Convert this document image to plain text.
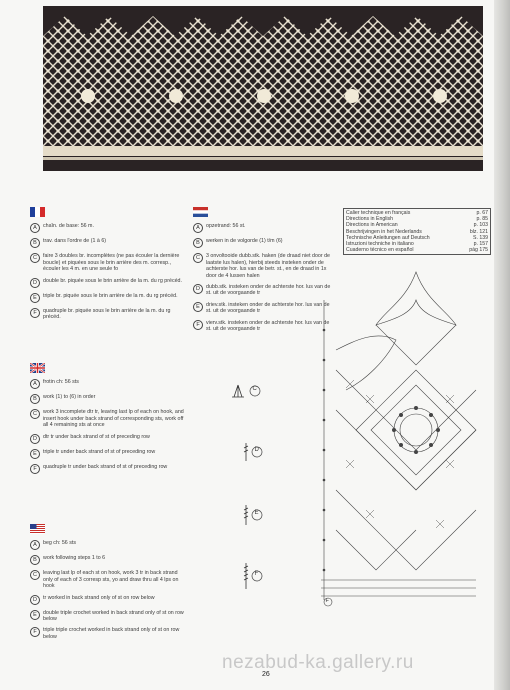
A	chaîn. de base: 56 m.
B	trav. dans l'ordre de (1 à 6)
C	faire 3 doubles br. incomplètes (ne pas écouler la dernière boucle) et piquées sous le brin arrière des m. corresp., écouler les 4 m. en une seule fo
D	double br. piquée sous le brin arrière de la m. du rg précéd.
E	triple br. piquée sous le brin arrière de la m. du rg précéd.
F	quadruple br. piquée sous le brin arrière de la m. du rg précéd.
A	frotin ch: 56 sts
B	work (1) to (6) in order
C	work 3 incomplete dtr tr, leaving last lp of each on hook, and insert hook under back strand of corresponding sts, work off all 4 remaining sts at once
D	dtr tr under back strand of st of preceding row
E	triple tr under back strand of st of preceding row
F	quadruple tr under back strand of st of preceding row
A	beg ch: 56 sts
B	work following steps 1 to 6
C	leaving last lp of each st on hook, work 3 tr in back strand only of each of 3 corresp sts, yo and draw thru all 4 lps on hook
D	tr worked in back strand only of st on row below
E	double triple crochet worked in back strand only of st on row below
F	triple triple crochet worked in back strand only of st on row below
A	opzetrand: 56 st.
B	werken in de volgorde (1) t/m (6)
C	3 onvoltooide dubb.stk. haken (de draad niet door de laatste lus halen), hierbij steeds insteken onder de achterste hor. lus van de betr. st., en de draad in 1x door de 4 lussen halen
D	dubb.stk. insteken onder de achterste hor. lus van de st. uit de voorgaande tr
E	driev.stk. insteken onder de achterste hor. lus van de st. uit de voorgaande tr
F	vierv.stk. insteken onder de achterste hor. lus van de st. uit de voorgaande tr
Calier technique en français	p. 67
Directions in English	p. 85
Directions in American	p. 103
Beschrijvingen in het Nederlands	blz. 121
Technische Anleitungen auf Deutsch	S. 139
Istruzioni techniche in italiano	p. 157
Cuaderno técnico en español	pág 175
C
D
E
F
F
nezabud-ka.gallery.ru
26
